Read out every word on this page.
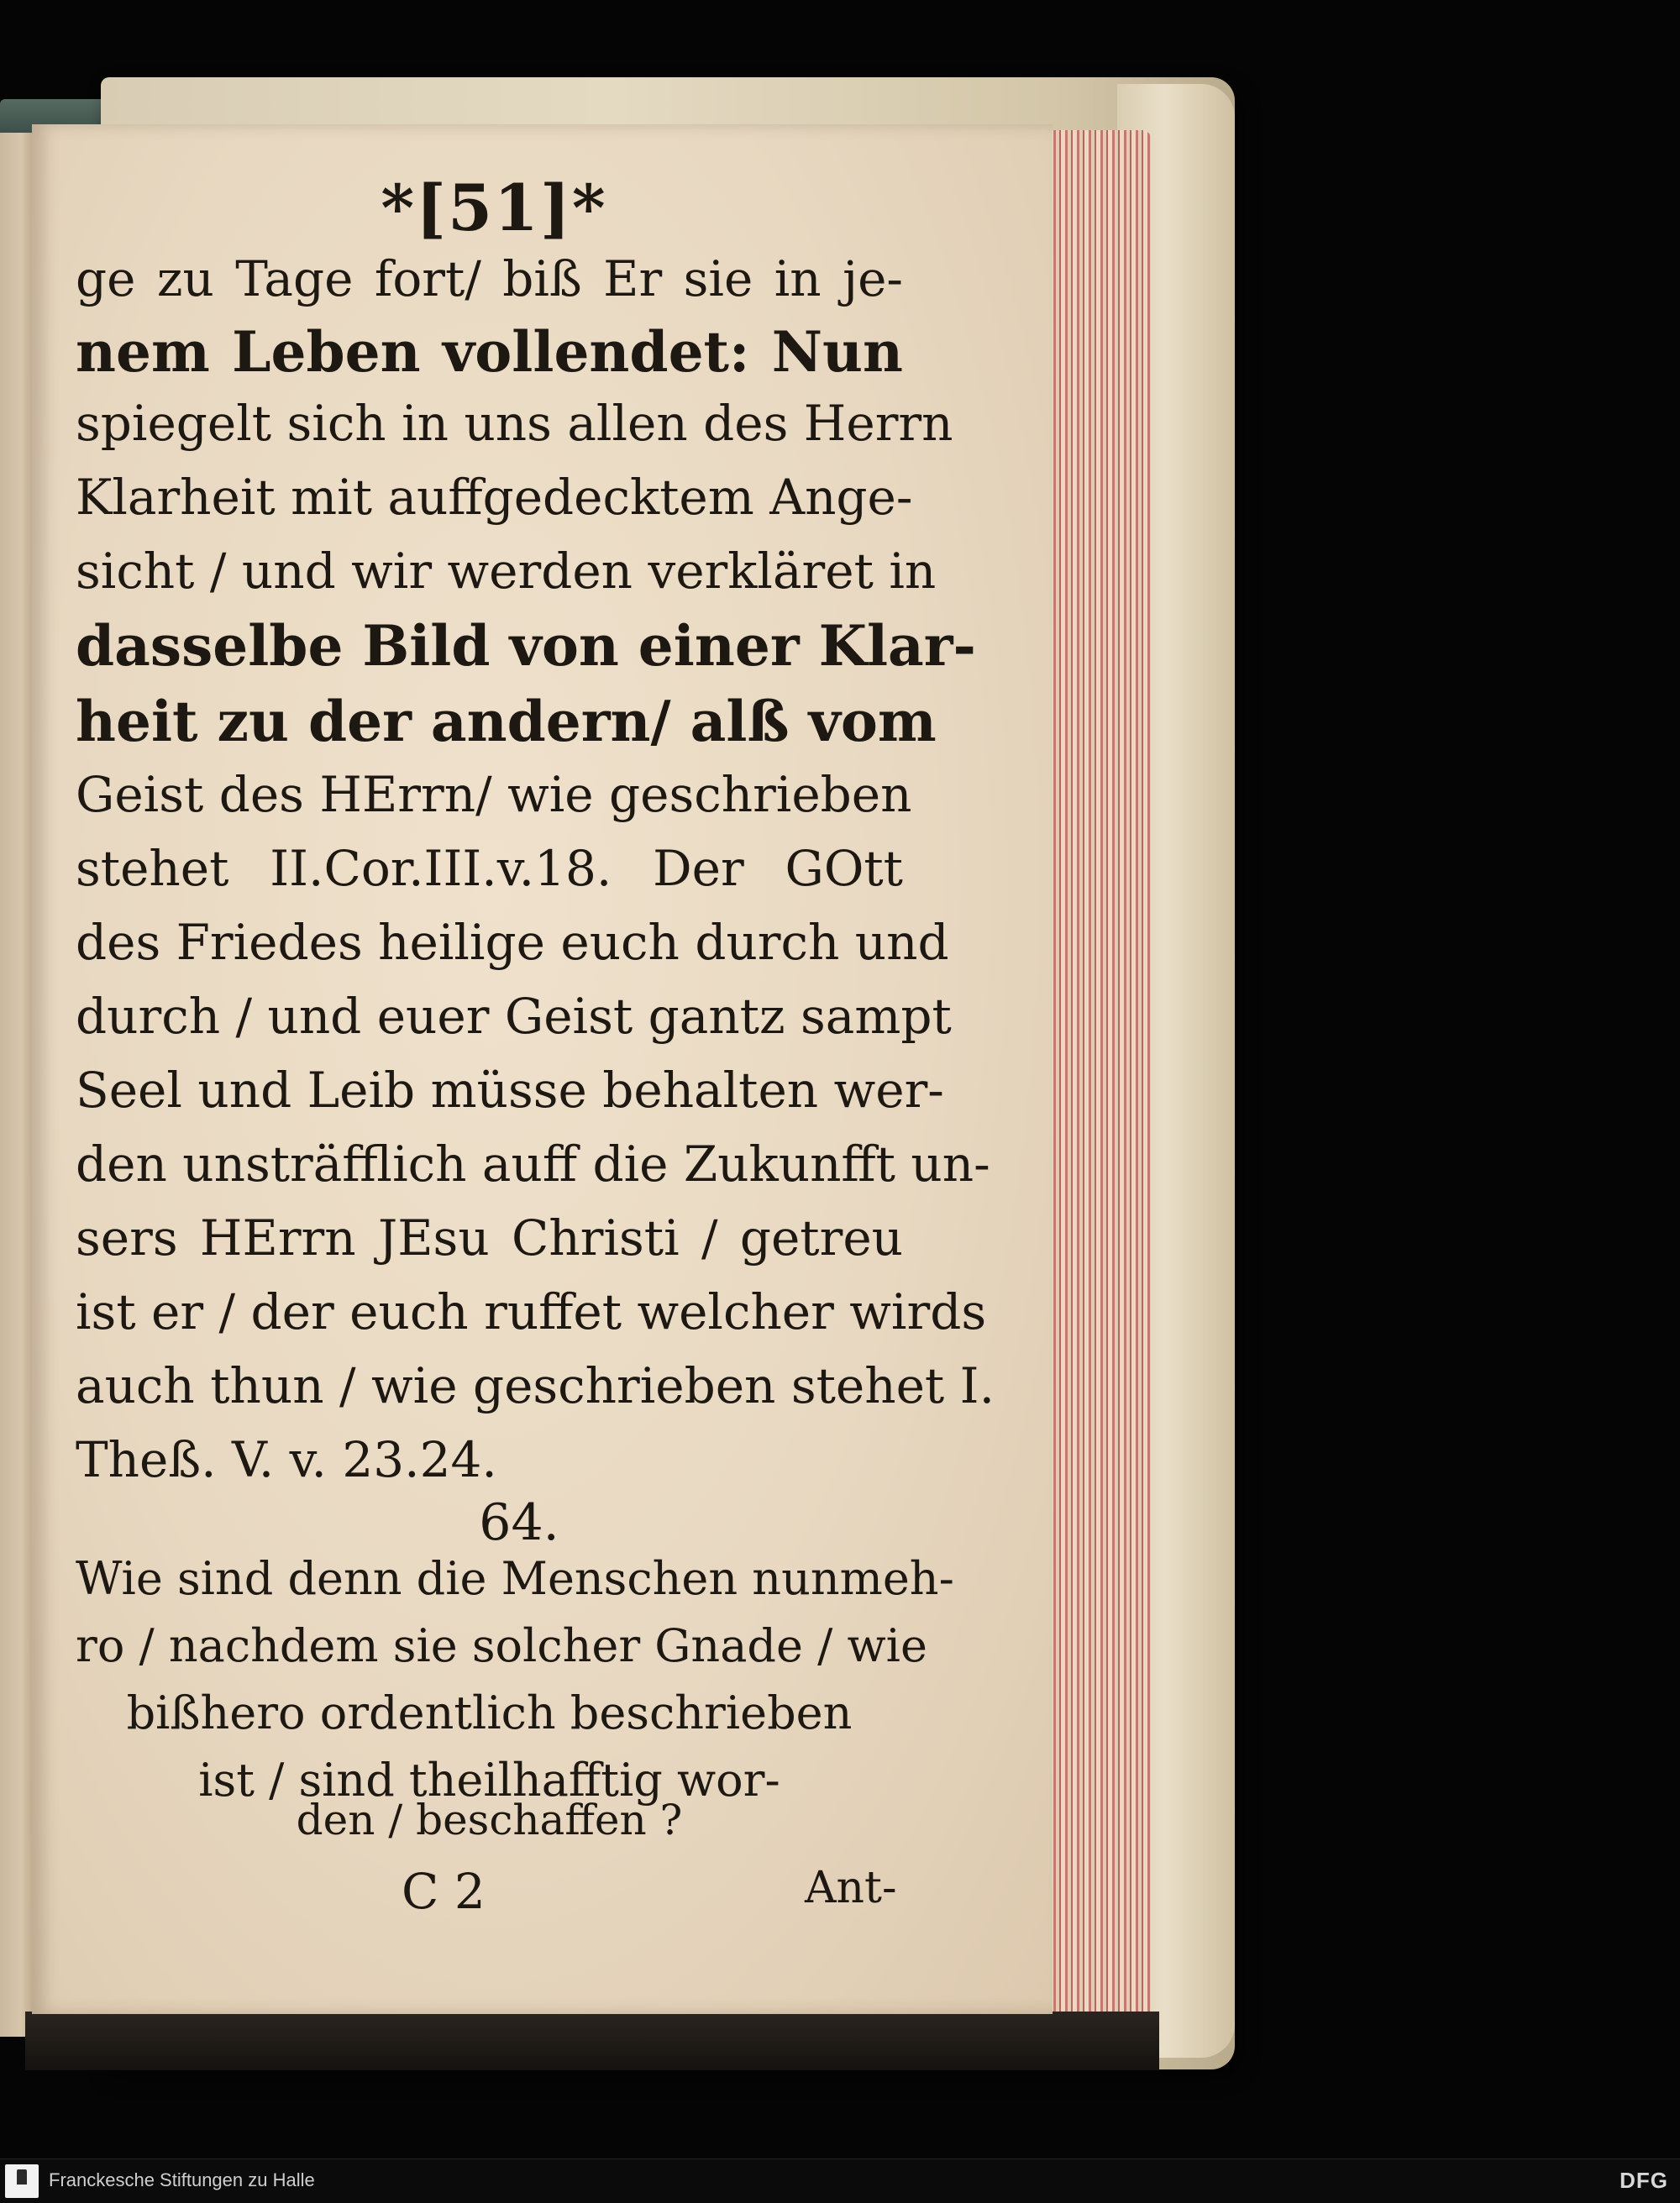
*[51]*
ge zu Tage fort/ biß Er sie in je-
nem Leben vollendet: Nun
spiegelt sich in uns allen des Herrn
Klarheit mit auffgedecktem Ange-
sicht / und wir werden verkläret in
dasselbe Bild von einer Klar-
heit zu der andern/ alß vom
Geist des HErrn/ wie geschrieben
stehet II.Cor.III.v.18. Der GOtt
des Friedes heilige euch durch und
durch / und euer Geist gantz sampt
Seel und Leib müsse behalten wer-
den unsträfflich auff die Zukunfft un-
sers HErrn JEsu Christi / getreu
ist er / der euch ruffet welcher wirds
auch thun / wie geschrieben stehet I.
Theß. V. v. 23.24.
64.
Wie sind denn die Menschen nunmeh-
ro / nachdem sie solcher Gnade / wie
bißhero ordentlich beschrieben
ist / sind theilhafftig wor-
den / beschaffen ?
C 2	Ant-
Franckesche Stiftungen zu Halle	DFG
